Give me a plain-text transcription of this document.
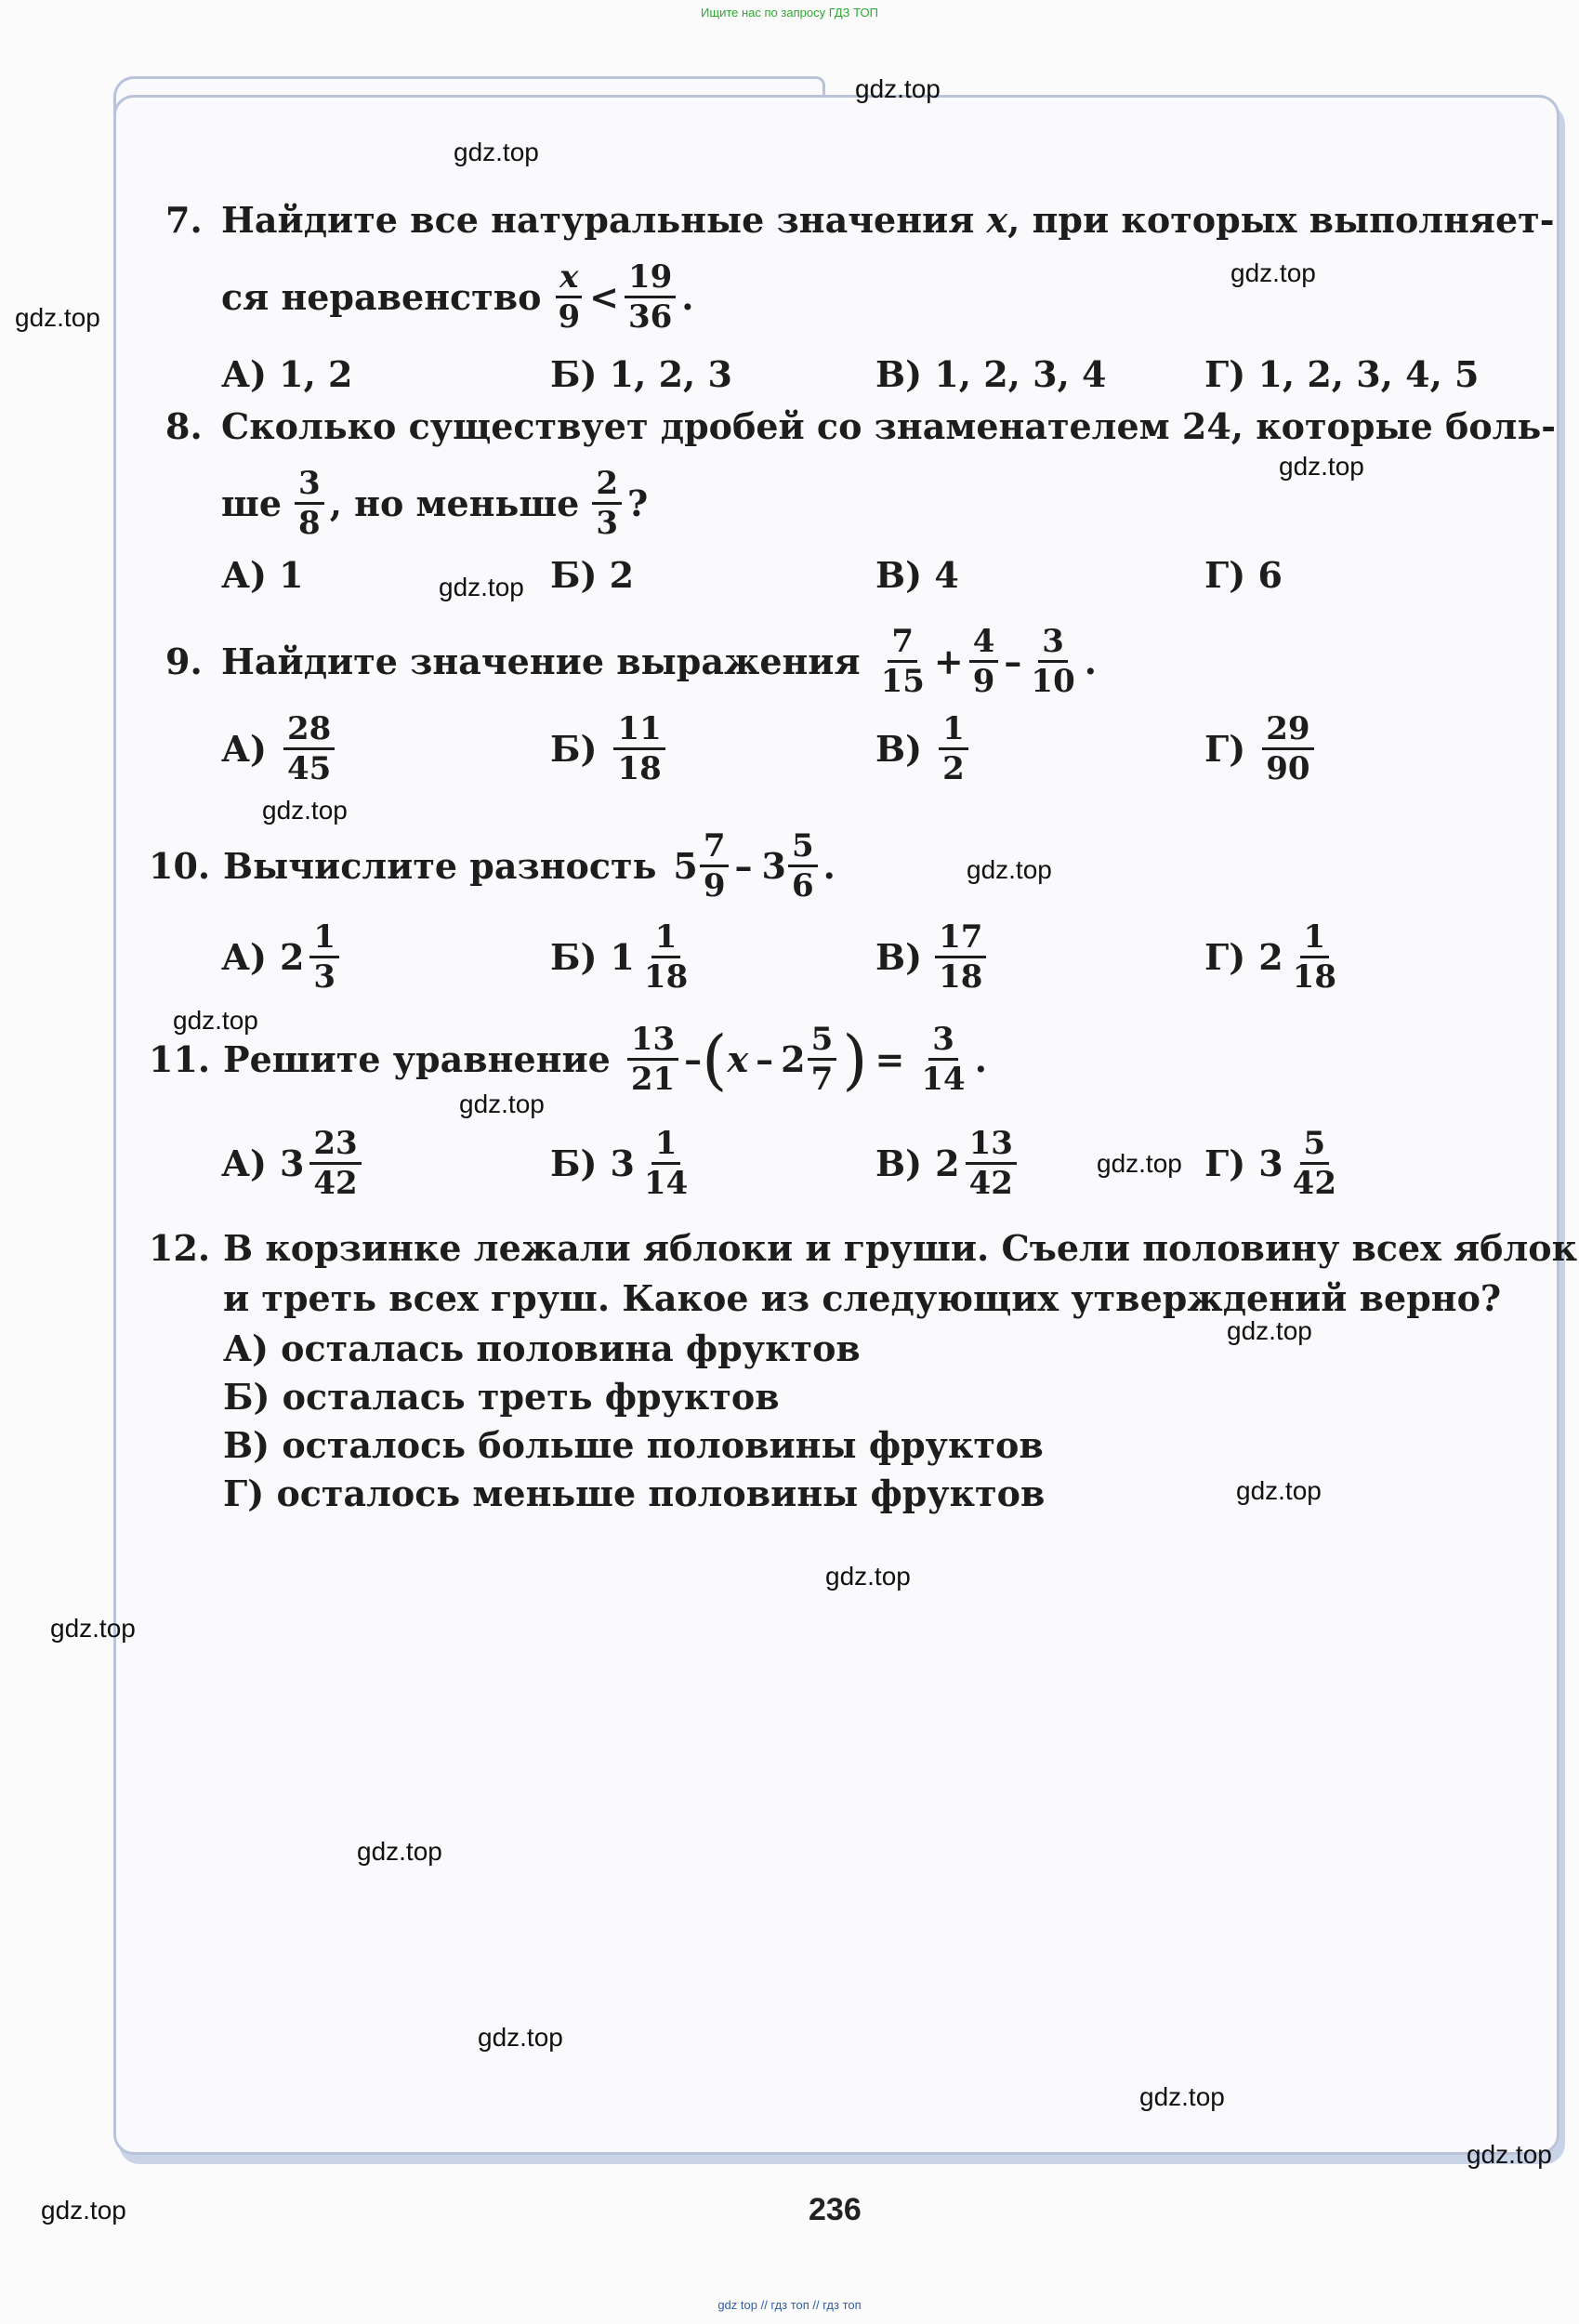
Ищите нас по запросу ГДЗ ТОП
7. Найдите все натуральные значения x, при которых выполняет-
ся неравенство $\frac{x}{9} < \frac{19}{36}$ .
А) 1, 2	Б) 1, 2, 3	В) 1, 2, 3, 4	Г) 1, 2, 3, 4, 5
8. Сколько существует дробей со знаменателем 24, которые боль-
ше $\frac{3}{8}$ , но меньше $\frac{2}{3}$ ?
А) 1	Б) 2	В) 4	Г) 6
9. Найдите значение выражения $\frac{7}{15} + \frac{4}{9} - \frac{3}{10}$ .
$А) \frac{28}{45}$	$Б) \frac{11}{18}$	$В) \frac{1}{2}$	$Г) \frac{29}{90}$
10. Вычислите разность $5 \frac{7}{9} - 3 \frac{5}{6}$ .
А) $2 \frac{1}{3}$	Б) $1 \frac{1}{18}$	$В) \frac{17}{18}$	Г) $2 \frac{1}{18}$
11. Решите уравнение $\frac{13}{21}$ – ( x – $2 \frac{5}{7}$ ) = $\frac{3}{14}$ .
А) $3 \frac{23}{42}$	Б) $3 \frac{1}{14}$	В) $2 \frac{13}{42}$	Г) $3 \frac{5}{42}$
12. В корзинке лежали яблоки и груши. Съели половину всех яблок
и треть всех груш. Какое из следующих утверждений верно?
А) осталась половина фруктов
Б) осталась треть фруктов
В) осталось больше половины фруктов
Г) осталось меньше половины фруктов
gdz.top
gdz.top
gdz.top
gdz.top
gdz.top
gdz.top
gdz.top
gdz.top
gdz.top
gdz.top
gdz.top
gdz.top
gdz.top
gdz.top
gdz.top
gdz.top
gdz.top
gdz.top
gdz.top
gdz.top	236
gdz top // гдз топ // гдз топ
